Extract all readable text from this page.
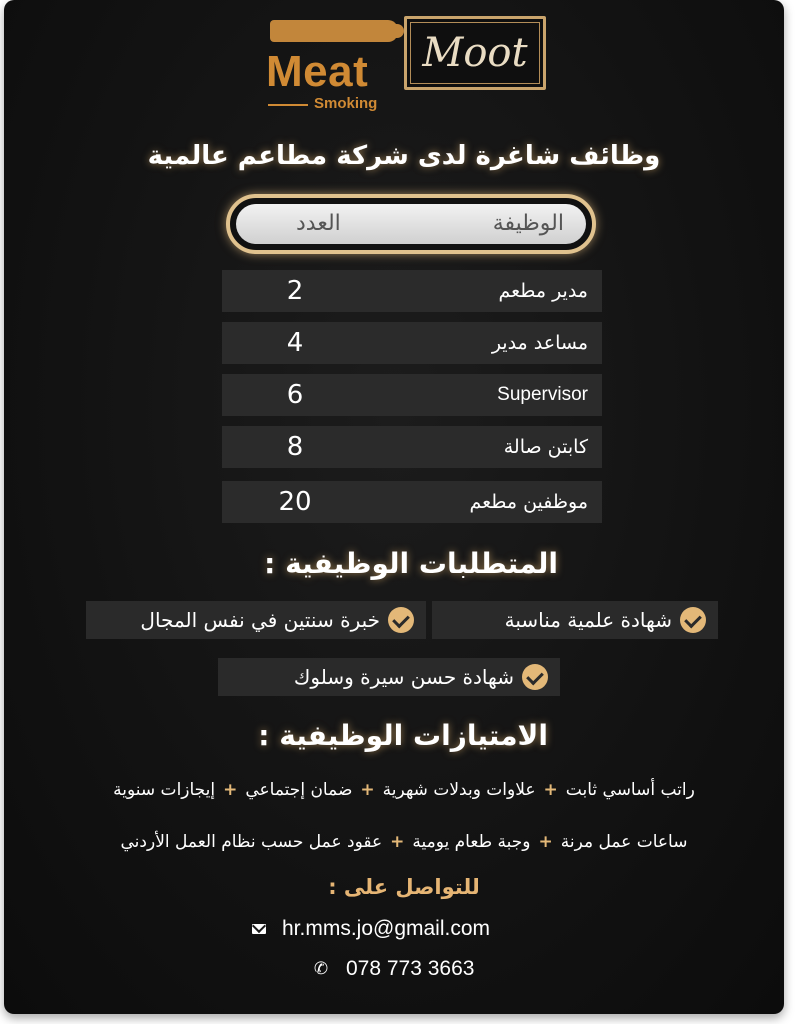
Meat
Smoking
Moot
وظائف شاغرة لدى شركة مطاعم عالمية
العدد	الوظيفة
2	مدير مطعم
4	مساعد مدير
6	Supervisor
8	كابتن صالة
20	موظفين مطعم
المتطلبات الوظيفية :
شهادة علمية مناسبة
خبرة سنتين في نفس المجال
شهادة حسن سيرة وسلوك
الامتيازات الوظيفية :
راتب أساسي ثابت+علاوات وبدلات شهرية+ضمان إجتماعي+إيجازات سنوية
ساعات عمل مرنة+وجبة طعام يومية+عقود عمل حسب نظام العمل الأردني
للتواصل على :
hr.mms.jo@gmail.com
✆ 078 773 3663
